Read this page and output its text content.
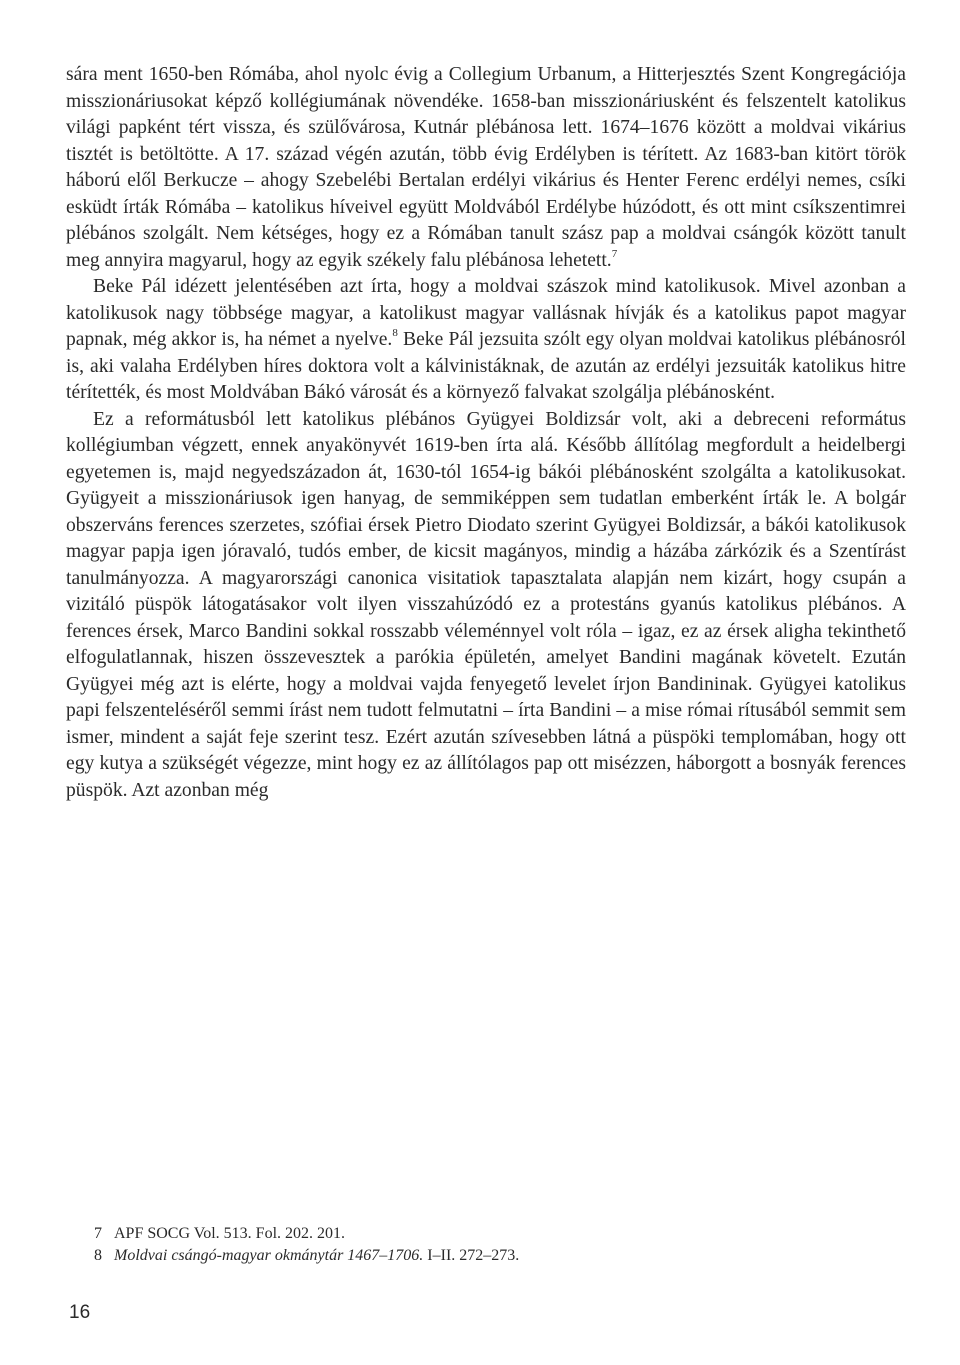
sára ment 1650-ben Rómába, ahol nyolc évig a Collegium Urbanum, a Hitterjesztés Szent Kongregációja misszionáriusokat képző kollégiumának növendéke. 1658-ban misszionáriusként és felszentelt katolikus világi papként tért vissza, és szülővárosa, Kutnár plébánosa lett. 1674–1676 között a moldvai vikárius tisztét is betöltötte. A 17. század végén azután, több évig Erdélyben is térített. Az 1683-ban kitört török háború elől Berkucze – ahogy Szebelébi Bertalan erdélyi vikárius és Henter Ferenc erdélyi nemes, csíki esküdt írták Rómába – katolikus híveivel együtt Moldvából Erdélybe húzódott, és ott mint csíkszentimrei plébános szolgált. Nem kétséges, hogy ez a Rómában tanult szász pap a moldvai csángók között tanult meg annyira magyarul, hogy az egyik székely falu plébánosa lehetett.$^7$

Beke Pál idézett jelentésében azt írta, hogy a moldvai szászok mind katolikusok. Mivel azonban a katolikusok nagy többsége magyar, a katolikust magyar vallásnak hívják és a katolikus papot magyar papnak, még akkor is, ha német a nyelve.$^8$ Beke Pál jezsuita szólt egy olyan moldvai katolikus plébánosról is, aki valaha Erdélyben híres doktora volt a kálvinistáknak, de azután az erdélyi jezsuiták katolikus hitre térítették, és most Moldvában Bákó városát és a környező falvakat szolgálja plébánosként.

Ez a reformátusból lett katolikus plébános Gyügyei Boldizsár volt, aki a debreceni református kollégiumban végzett, ennek anyakönyvét 1619-ben írta alá. Később állítólag megfordult a heidelbergi egyetemen is, majd negyedszázadon át, 1630-tól 1654-ig bákói plébánosként szolgálta a katolikusokat. Gyügyeit a misszionáriusok igen hanyag, de semmiképpen sem tudatlan emberként írták le. A bolgár obszerváns ferences szerzetes, szófiai érsek Pietro Diodato szerint Gyügyei Boldizsár, a bákói katolikusok magyar papja igen jóravaló, tudós ember, de kicsit magányos, mindig a házába zárkózik és a Szentírást tanulmányozza. A magyarországi canonica visitatiok tapasztalata alapján nem kizárt, hogy csupán a vizitáló püspök látogatásakor volt ilyen visszahúzódó ez a protestáns gyanús katolikus plébános. A ferences érsek, Marco Bandini sokkal rosszabb véleménnyel volt róla – igaz, ez az érsek aligha tekinthető elfogulatlannak, hiszen összevesztek a parókia épületén, amelyet Bandini magának követelt. Ezután Gyügyei még azt is elérte, hogy a moldvai vajda fenyegető levelet írjon Bandininak. Gyügyei katolikus papi felszenteléséről semmi írást nem tudott felmutatni – írta Bandini – a mise római rítusából semmit sem ismer, mindent a saját feje szerint tesz. Ezért azután szívesebben látná a püspöki templomában, hogy ott egy kutya a szükségét végezze, mint hogy ez az állítólagos pap ott misézzen, háborgott a bosnyák ferences püspök. Azt azonban még

7 APF SOCG Vol. 513. Fol. 202. 201.

8 Moldvai csángó-magyar okmánytár 1467–1706. I–II. 272–273.

16
